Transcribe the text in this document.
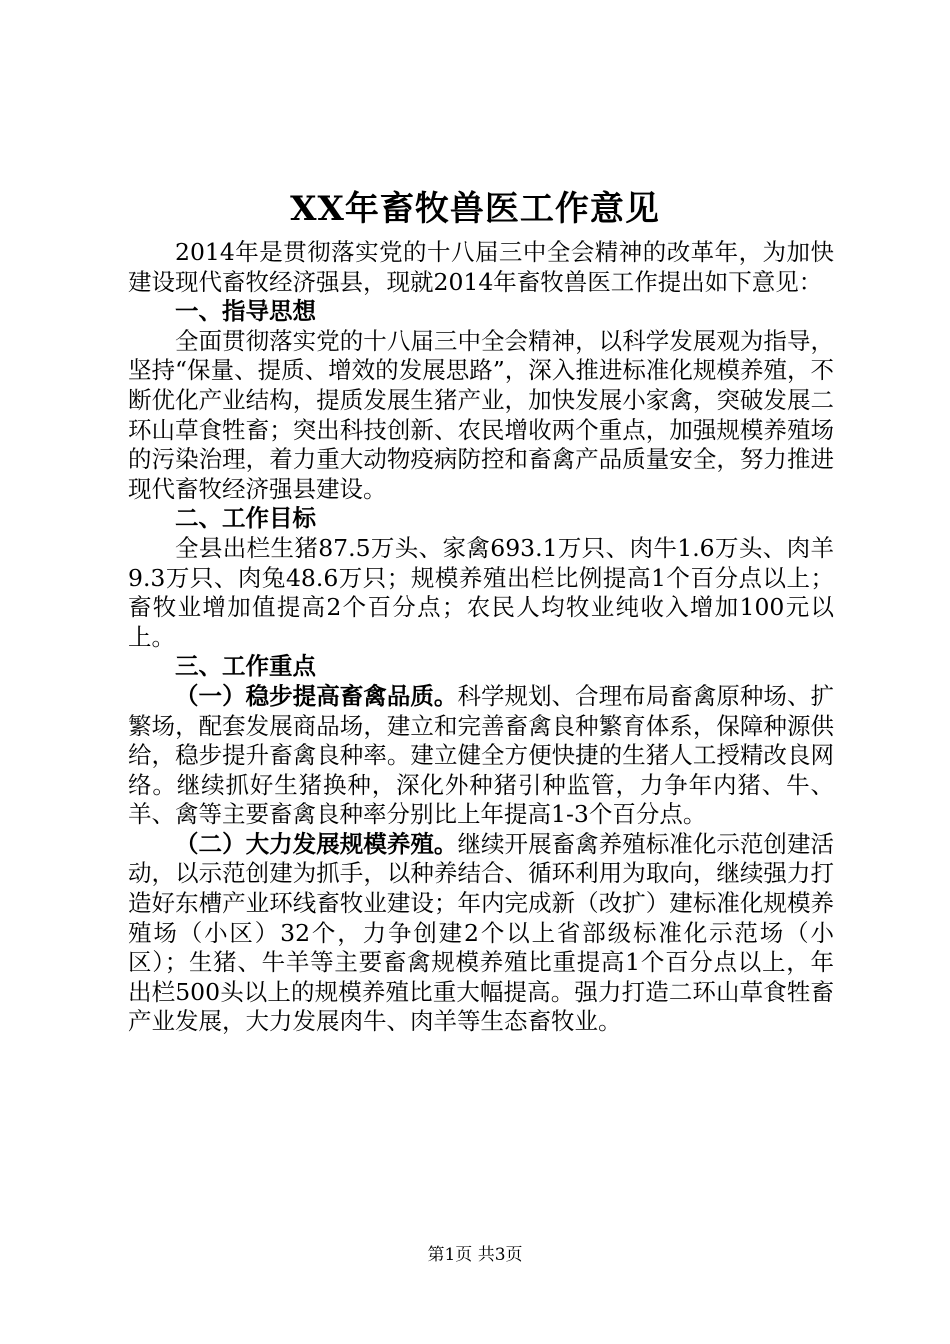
XX年畜牧兽医工作意见

2014年是贯彻落实党的十八届三中全会精神的改革年，为加快建设现代畜牧经济强县，现就2014年畜牧兽医工作提出如下意见：

一、指导思想

全面贯彻落实党的十八届三中全会精神，以科学发展观为指导，坚持“保量、提质、增效的发展思路”，深入推进标准化规模养殖，不断优化产业结构，提质发展生猪产业，加快发展小家禽，突破发展二环山草食牲畜；突出科技创新、农民增收两个重点，加强规模养殖场的污染治理，着力重大动物疫病防控和畜禽产品质量安全，努力推进现代畜牧经济强县建设。

二、工作目标

全县出栏生猪87.5万头、家禽693.1万只、肉牛1.6万头、肉羊9.3万只、肉兔48.6万只；规模养殖出栏比例提高1个百分点以上；畜牧业增加值提高2个百分点；农民人均牧业纯收入增加100元以上。

三、工作重点

（一）稳步提高畜禽品质。科学规划、合理布局畜禽原种场、扩繁场，配套发展商品场，建立和完善畜禽良种繁育体系，保障种源供给，稳步提升畜禽良种率。建立健全方便快捷的生猪人工授精改良网络。继续抓好生猪换种，深化外种猪引种监管，力争年内猪、牛、羊、禽等主要畜禽良种率分别比上年提高1-3个百分点。

（二）大力发展规模养殖。继续开展畜禽养殖标准化示范创建活动，以示范创建为抓手，以种养结合、循环利用为取向，继续强力打造好东槽产业环线畜牧业建设；年内完成新（改扩）建标准化规模养殖场（小区）32个，力争创建2个以上省部级标准化示范场（小区）；生猪、牛羊等主要畜禽规模养殖比重提高1个百分点以上，年出栏500头以上的规模养殖比重大幅提高。强力打造二环山草食牲畜产业发展，大力发展肉牛、肉羊等生态畜牧业。

第1页 共3页
